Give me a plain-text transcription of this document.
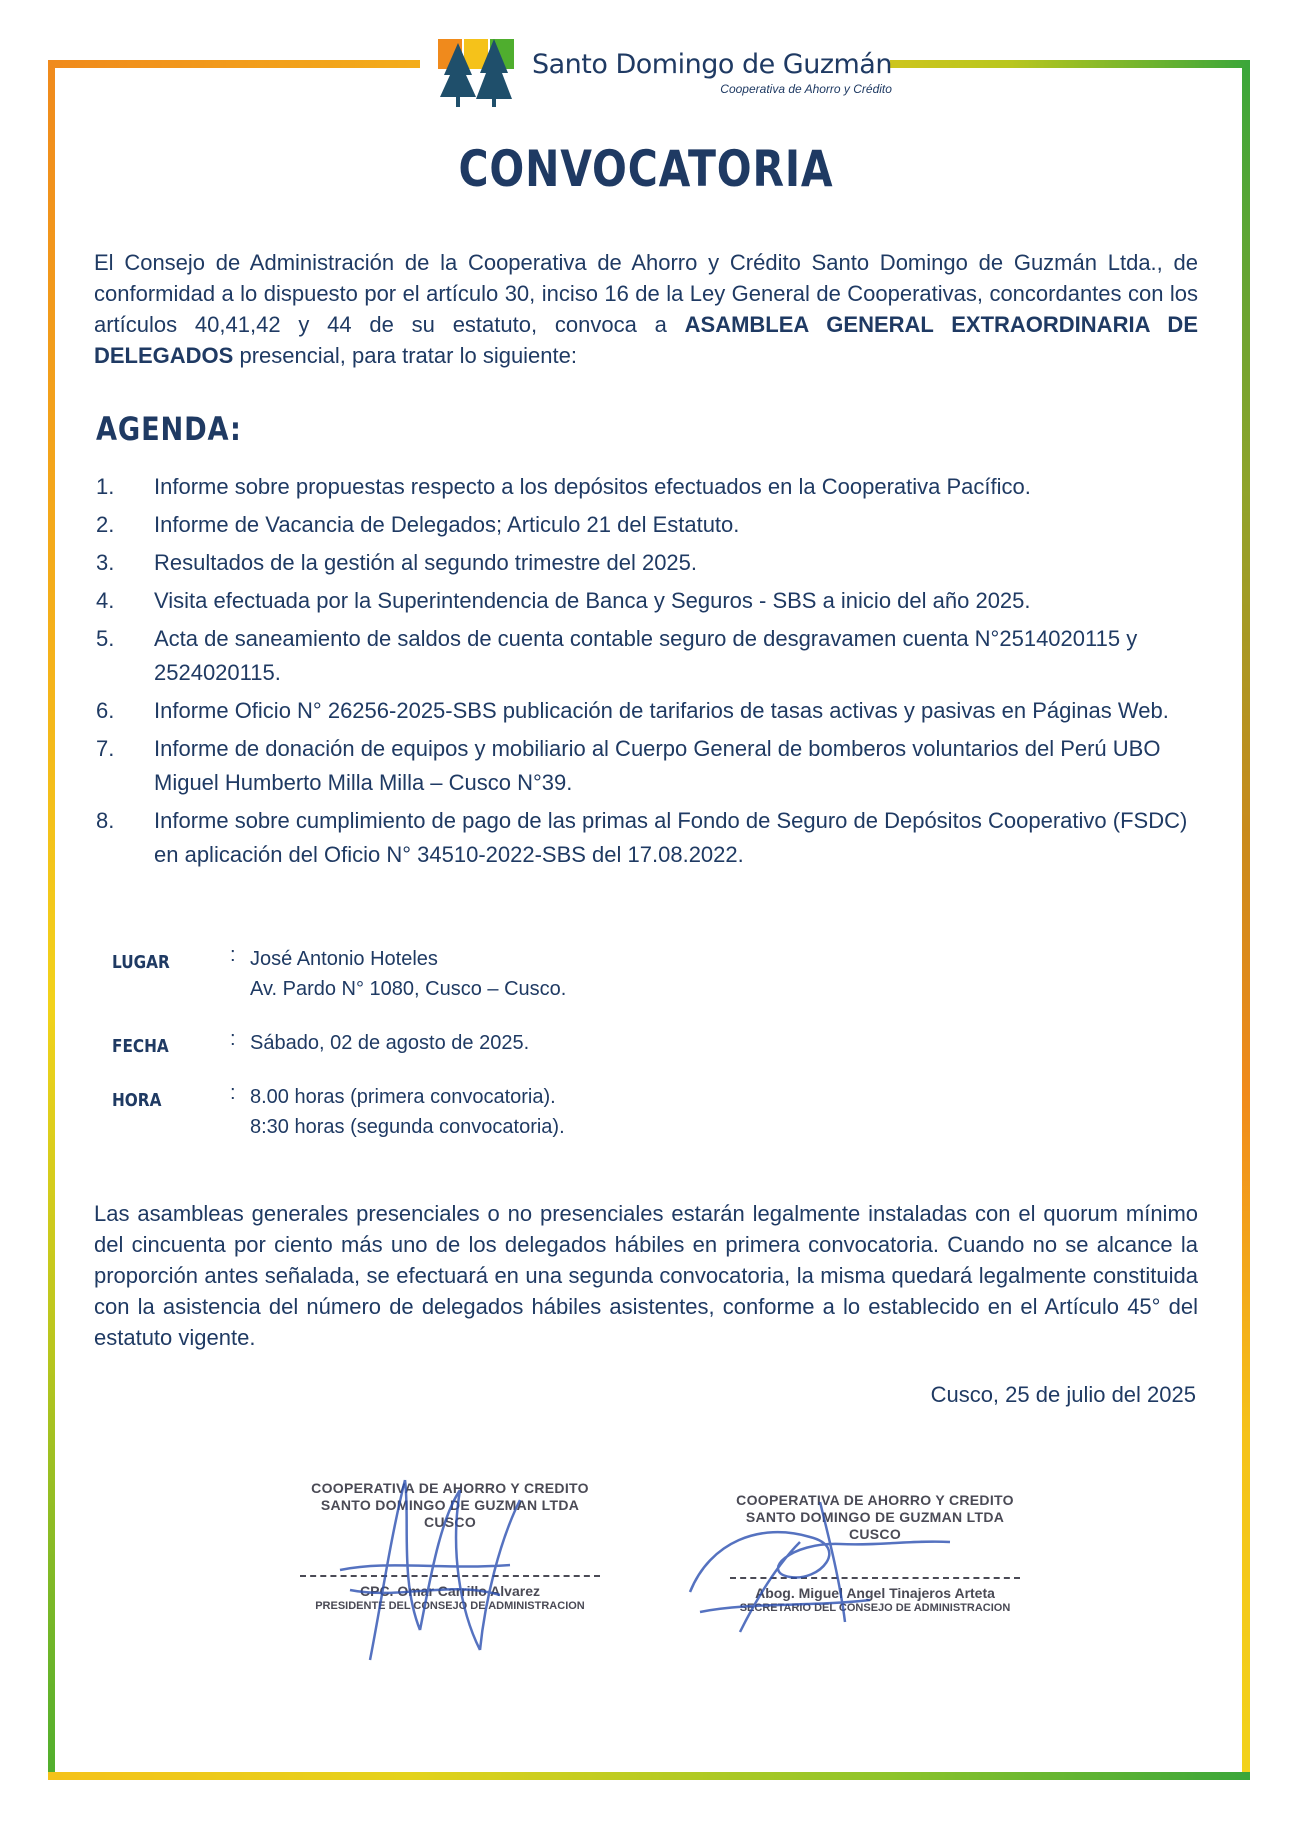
Santo Domingo de Guzmán
Cooperativa de Ahorro y Crédito
CONVOCATORIA

El Consejo de Administración de la Cooperativa de Ahorro y Crédito Santo Domingo de Guzmán Ltda., de conformidad a lo dispuesto por el artículo 30, inciso 16 de la Ley General de Cooperativas, concordantes con los artículos 40,41,42 y 44 de su estatuto, convoca a ASAMBLEA GENERAL EXTRAORDINARIA DE DELEGADOS presencial, para tratar lo siguiente:

AGENDA:
1.	Informe sobre propuestas respecto a los depósitos efectuados en la Cooperativa Pacífico.
2.	Informe de Vacancia de Delegados; Articulo 21 del Estatuto.
3.	Resultados de la gestión al segundo trimestre del 2025.
4.	Visita efectuada por la Superintendencia de Banca y Seguros - SBS a inicio del año 2025.
5.	Acta de saneamiento de saldos de cuenta contable seguro de desgravamen cuenta N°2514020115 y 2524020115.
6.	Informe Oficio N° 26256-2025-SBS publicación de tarifarios de tasas activas y pasivas en Páginas Web.
7.	Informe de donación de equipos y mobiliario al Cuerpo General de bomberos voluntarios del Perú UBO Miguel Humberto Milla Milla – Cusco N°39.
8.	Informe sobre cumplimiento de pago de las primas al Fondo de Seguro de Depósitos Cooperativo (FSDC) en aplicación del Oficio N° 34510-2022-SBS del 17.08.2022.
LUGAR	: José Antonio Hoteles
Av. Pardo N° 1080, Cusco – Cusco.
FECHA	: Sábado, 02 de agosto de 2025.
HORA	: 8.00 horas (primera convocatoria).
8:30 horas (segunda convocatoria).

Las asambleas generales presenciales o no presenciales estarán legalmente instaladas con el quorum mínimo del cincuenta por ciento más uno de los delegados hábiles en primera convocatoria. Cuando no se alcance la proporción antes señalada, se efectuará en una segunda convocatoria, la misma quedará legalmente constituida con la asistencia del número de delegados hábiles asistentes, conforme a lo establecido en el Artículo 45° del estatuto vigente.

Cusco, 25 de julio del 2025
COOPERATIVA DE AHORRO Y CREDITO
SANTO DOMINGO DE GUZMAN LTDA CUSCO
CPC. Omar Carrillo Alvarez
PRESIDENTE DEL CONSEJO DE ADMINISTRACION
COOPERATIVA DE AHORRO Y CREDITO
SANTO DOMINGO DE GUZMAN LTDA CUSCO
Abog. Miguel Angel Tinajeros Arteta
SECRETARIO DEL CONSEJO DE ADMINISTRACION
